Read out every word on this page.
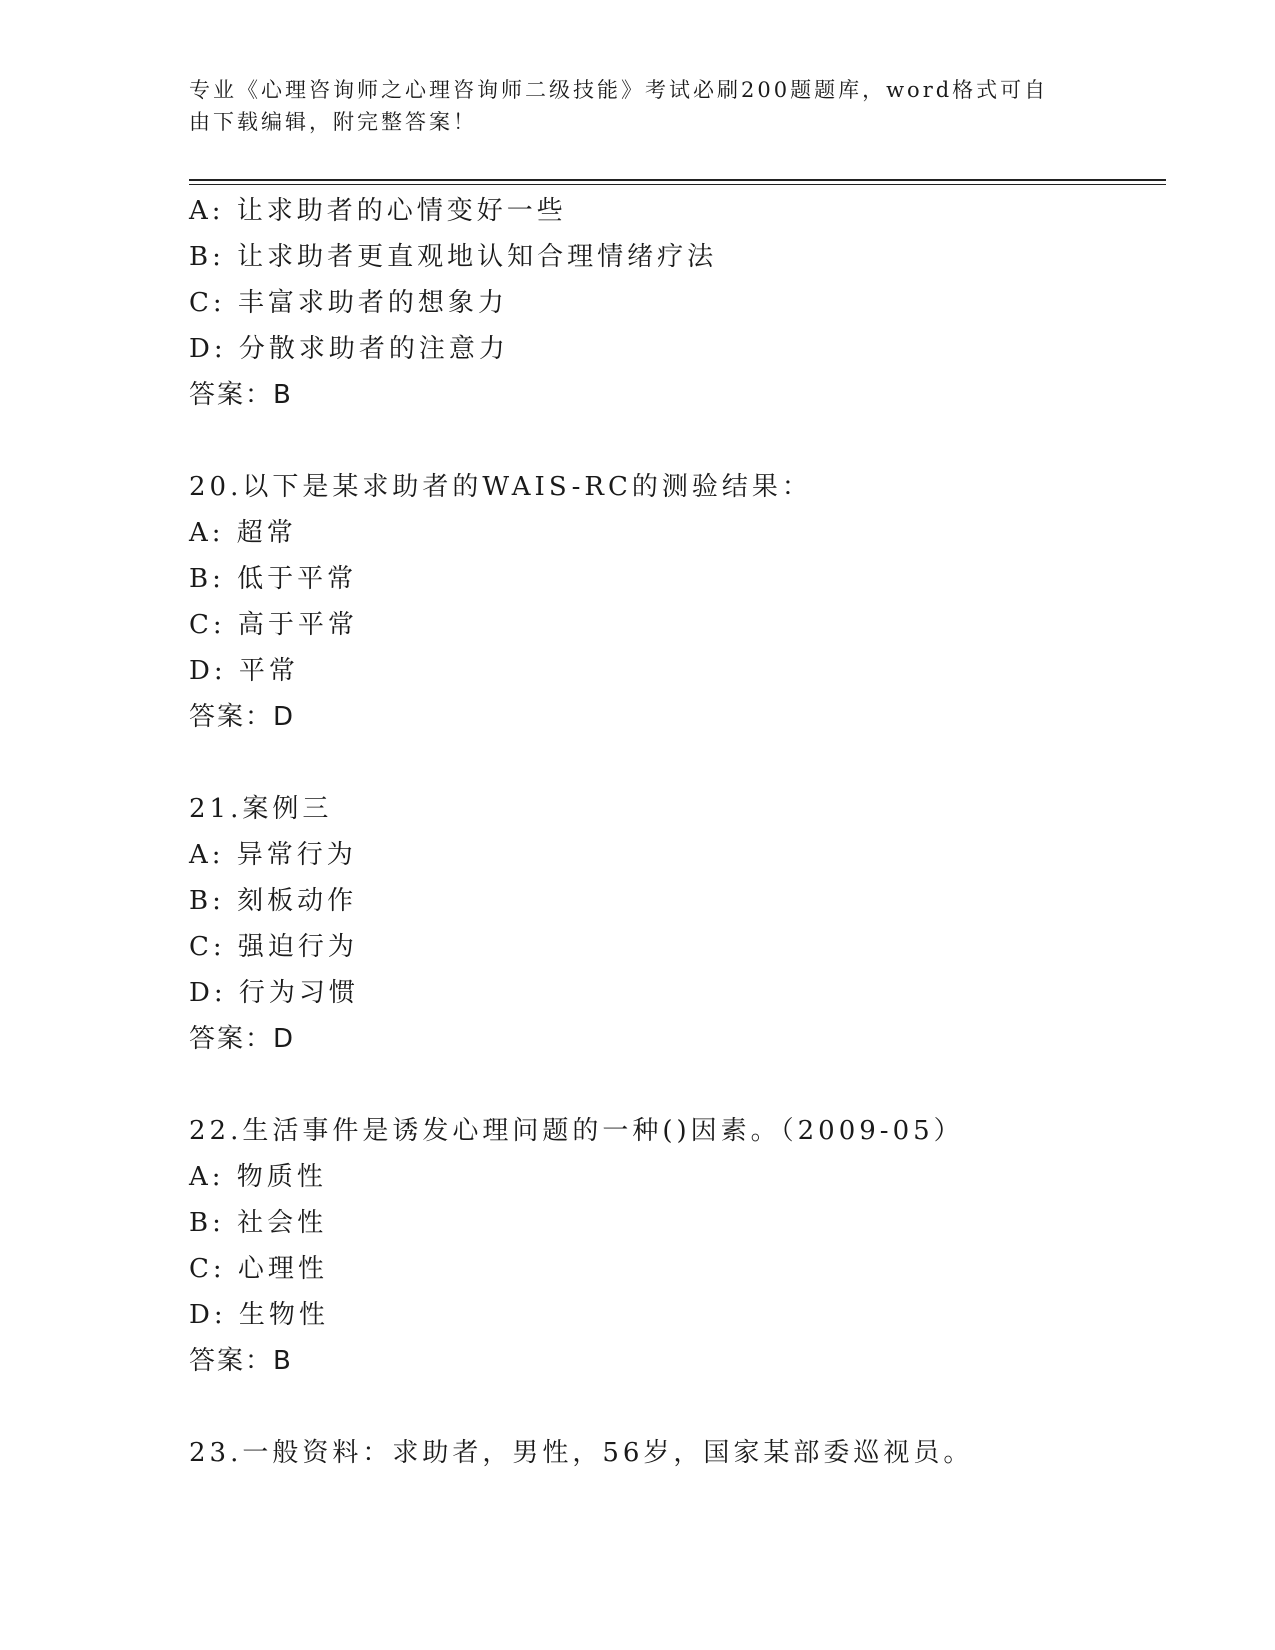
专业《心理咨询师之心理咨询师二级技能》考试必刷200题题库，word格式可自
由下载编辑，附完整答案！
A: 让求助者的心情变好一些
B: 让求助者更直观地认知合理情绪疗法
C: 丰富求助者的想象力
D: 分散求助者的注意力
答案：B
20.以下是某求助者的WAIS-RC的测验结果：
A: 超常
B: 低于平常
C: 高于平常
D: 平常
答案：D
21.案例三
A: 异常行为
B: 刻板动作
C: 强迫行为
D: 行为习惯
答案：D
22.生活事件是诱发心理问题的一种()因素。（2009-05）
A: 物质性
B: 社会性
C: 心理性
D: 生物性
答案：B
23.一般资料：求助者，男性，56岁，国家某部委巡视员。
